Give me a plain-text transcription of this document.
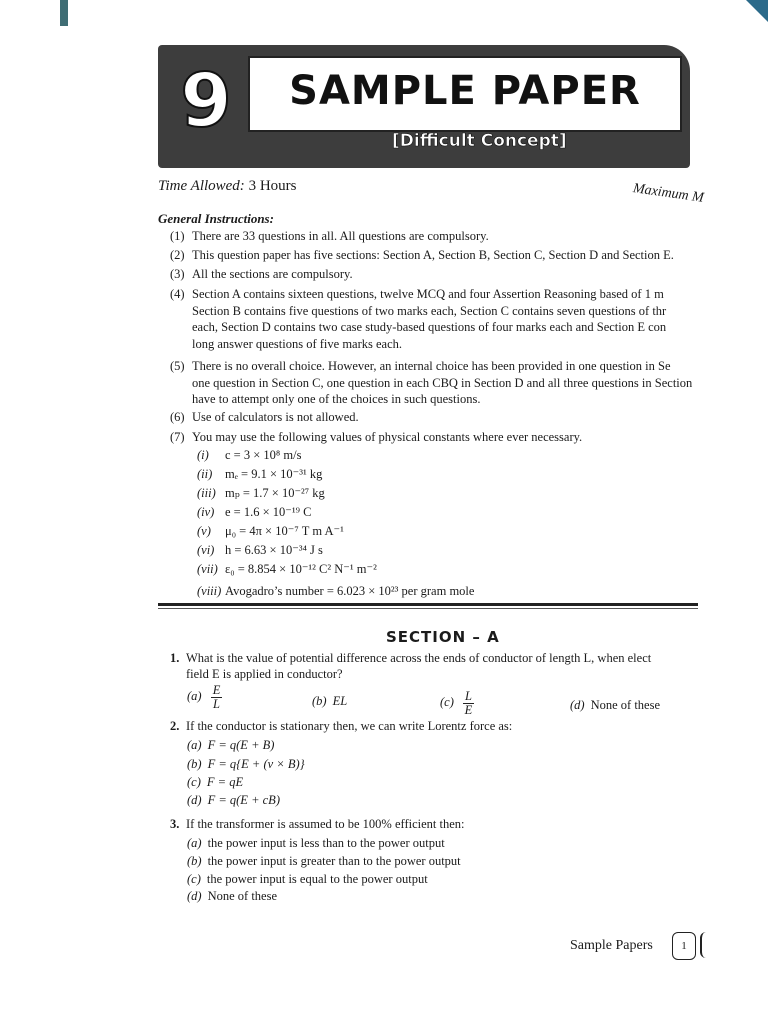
9	SAMPLE PAPER
[Difficult Concept]
Time Allowed: 3 Hours	Maximum M
General Instructions:
(1) There are 33 questions in all. All questions are compulsory.
(2) This question paper has five sections: Section A, Section B, Section C, Section D and Section E.
(3) All the sections are compulsory.
(4) Section A contains sixteen questions, twelve MCQ and four Assertion Reasoning based of 1 m
Section B contains five questions of two marks each, Section C contains seven questions of thr
each, Section D contains two case study-based questions of four marks each and Section E con
long answer questions of five marks each.
(5) There is no overall choice. However, an internal choice has been provided in one question in Se
one question in Section C, one question in each CBQ in Section D and all three questions in Section
have to attempt only one of the choices in such questions.
(6) Use of calculators is not allowed.
(7) You may use the following values of physical constants where ever necessary.
(i) c = 3 × 10⁸ m/s
(ii) mₑ = 9.1 × 10⁻³¹ kg
(iii) mₚ = 1.7 × 10⁻²⁷ kg
(iv) e = 1.6 × 10⁻¹⁹ C
(v) μ₀ = 4π × 10⁻⁷ T m A⁻¹
(vi) h = 6.63 × 10⁻³⁴ J s
(vii) ε₀ = 8.854 × 10⁻¹² C² N⁻¹ m⁻²
(viii) Avogadro’s number = 6.023 × 10²³ per gram mole
SECTION – A
1. What is the value of potential difference across the ends of conductor of length L, when elect
field E is applied in conductor?
$(a) \frac{E}{L}$	(b) EL	$(c) \frac{L}{E}$	(d) None of these
2. If the conductor is stationary then, we can write Lorentz force as:
(a) F = q(E + B)
(b) F = q{E + (v × B)}
(c) F = qE
(d) F = q(E + cB)
3. If the transformer is assumed to be 100% efficient then:
(a) the power input is less than to the power output
(b) the power input is greater than to the power output
(c) the power input is equal to the power output
(d) None of these
Sample Papers	1
